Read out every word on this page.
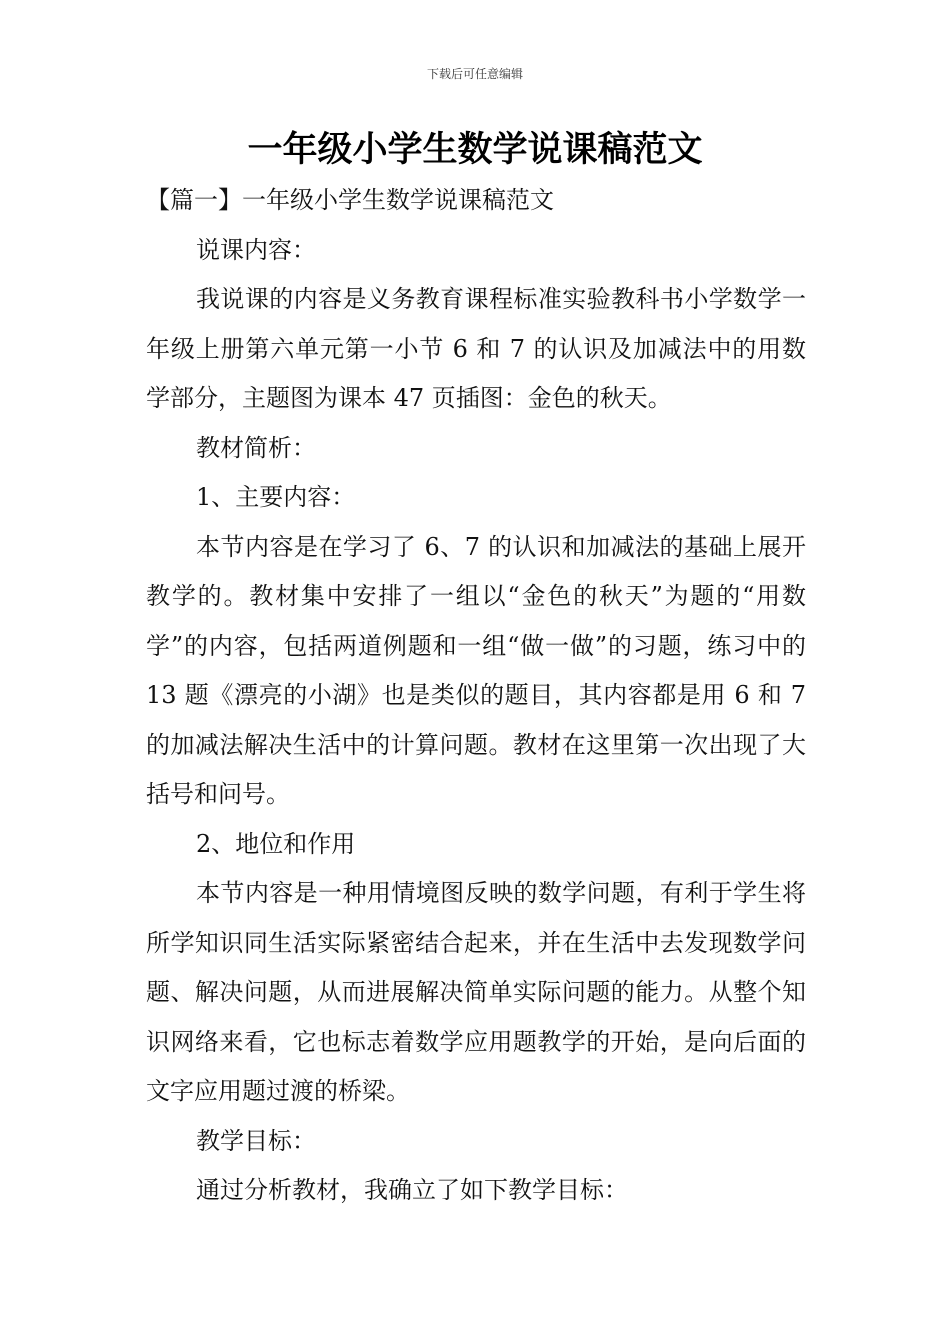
下载后可任意编辑
一年级小学生数学说课稿范文
【篇一】一年级小学生数学说课稿范文
说课内容：

我说课的内容是义务教育课程标准实验教科书小学数学一年级上册第六单元第一小节 6 和 7 的认识及加减法中的用数学部分，主题图为课本 47 页插图：金色的秋天。

教材简析：
1、主要内容：

本节内容是在学习了 6、7 的认识和加减法的基础上展开教学的。教材集中安排了一组以“金色的秋天”为题的“用数学”的内容，包括两道例题和一组“做一做”的习题，练习中的 13 题《漂亮的小湖》也是类似的题目，其内容都是用 6 和 7 的加减法解决生活中的计算问题。教材在这里第一次出现了大括号和问号。

2、地位和作用

本节内容是一种用情境图反映的数学问题，有利于学生将所学知识同生活实际紧密结合起来，并在生活中去发现数学问题、解决问题，从而进展解决简单实际问题的能力。从整个知识网络来看，它也标志着数学应用题教学的开始，是向后面的文字应用题过渡的桥梁。

教学目标：
通过分析教材，我确立了如下教学目标：
